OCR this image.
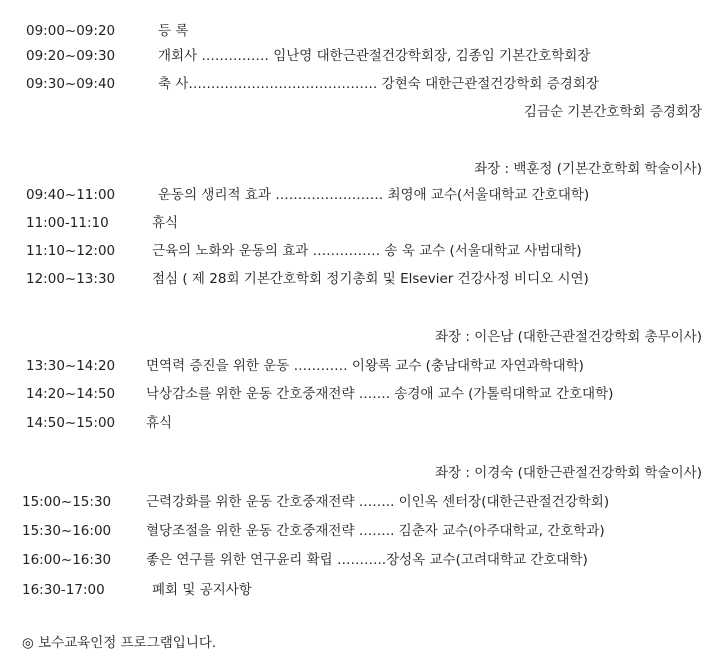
09:00~09:20	등 록
09:20~09:30	개회사 …………… 임난영 대한근관절건강학회장, 김종임 기본간호학회장
09:30~09:40	축 사…………………………………… 강현숙 대한근관절건강학회 증경회장
김금순 기본간호학회 증경회장
좌장 : 백훈정 (기본간호학회 학술이사)
09:40~11:00	운동의 생리적 효과 …………………… 최영애 교수(서울대학교 간호대학)
11:00-11:10	휴식
11:10~12:00	근육의 노화와 운동의 효과 …………… 송 욱 교수 (서울대학교 사범대학)
12:00~13:30	점심 ( 제 28회 기본간호학회 정기총회 및 Elsevier 건강사정 비디오 시연)
좌장 : 이은남 (대한근관절건강학회 총무이사)
13:30~14:20 면역력 증진을 위한 운동 ………… 이왕록 교수 (충남대학교 자연과학대학)
14:20~14:50 낙상감소를 위한 운동 간호중재전략 ……. 송경애 교수 (가톨릭대학교 간호대학)
14:50~15:00 휴식
좌장 : 이경숙 (대한근관절건강학회 학술이사)
15:00~15:30	근력강화를 위한 운동 간호중재전략 …….. 이인옥 센터장(대한근관절건강학회)
15:30~16:00	혈당조절을 위한 운동 간호중재전략 …….. 김춘자 교수(아주대학교, 간호학과)
16:00~16:30	좋은 연구를 위한 연구윤리 확립 ………..장성옥 교수(고려대학교 간호대학)
16:30-17:00	폐회 및 공지사항
◎ 보수교육인정 프로그램입니다.
